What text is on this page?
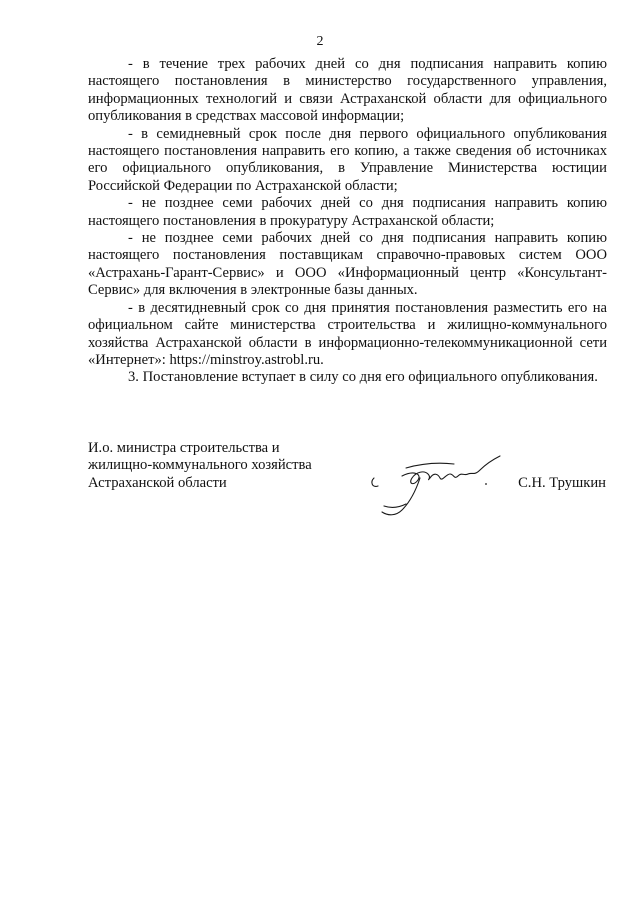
2

- в течение трех рабочих дней со дня подписания направить копию настоящего постановления в министерство государственного управления, информационных технологий и связи Астраханской области для официального опубликования в средствах массовой информации;

- в семидневный срок после дня первого официального опубликования настоящего постановления направить его копию, а также сведения об источниках его официального опубликования, в Управление Министерства юстиции Российской Федерации по Астраханской области;

- не позднее семи рабочих дней со дня подписания направить копию настоящего постановления в прокуратуру Астраханской области;

- не позднее семи рабочих дней со дня подписания направить копию настоящего постановления поставщикам справочно-правовых систем ООО «Астрахань-Гарант-Сервис» и ООО «Информационный центр «Консультант-Сервис» для включения в электронные базы данных.

- в десятидневный срок со дня принятия постановления разместить его на официальном сайте министерства строительства и жилищно-коммунального хозяйства Астраханской области в информационно-телекоммуникационной сети «Интернет»: https://minstroy.astrobl.ru.

3. Постановление вступает в силу со дня его официального опубликования.

И.о. министра строительства и
жилищно-коммунального хозяйства
Астраханской области	С.Н. Трушкин
